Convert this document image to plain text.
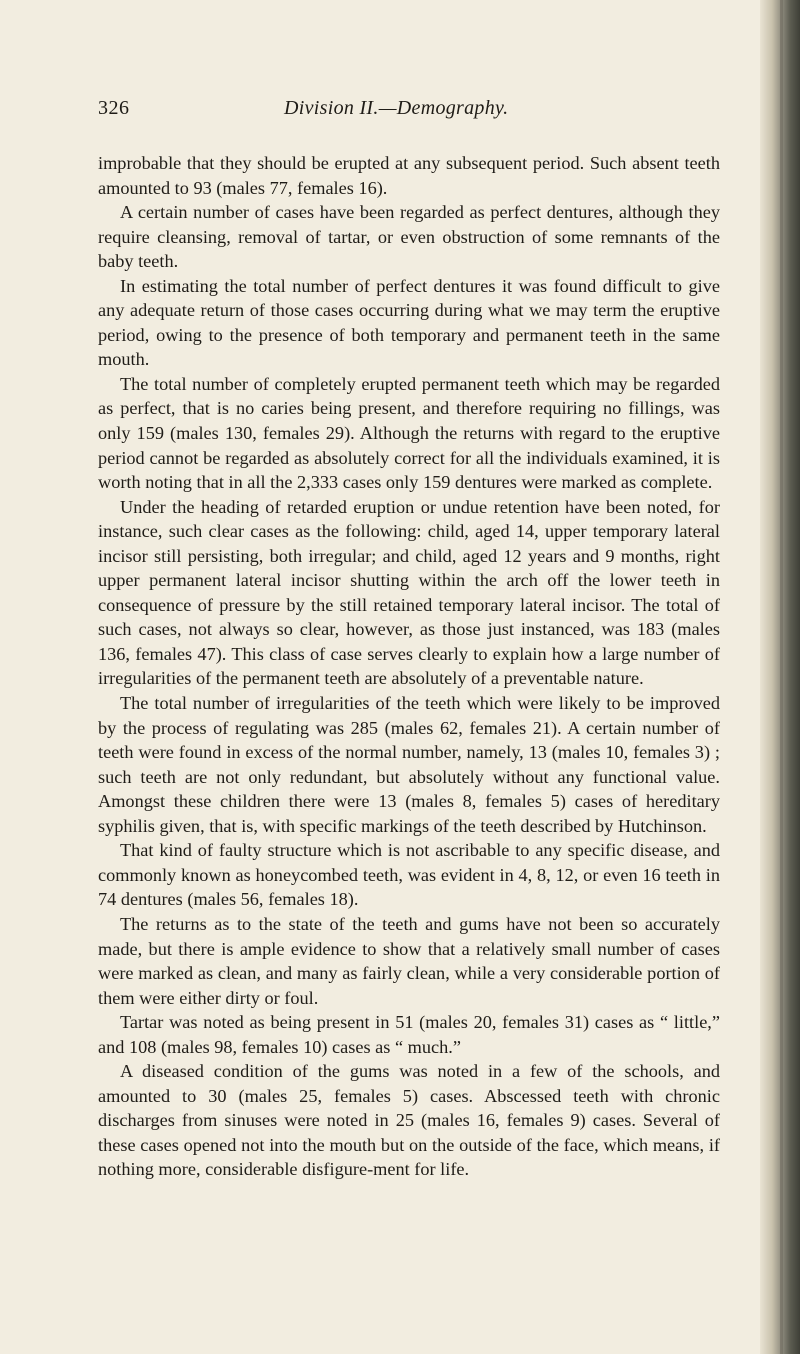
326	Division II.—Demography.

improbable that they should be erupted at any subsequent period. Such absent teeth amounted to 93 (males 77, females 16).

A certain number of cases have been regarded as perfect dentures, although they require cleansing, removal of tartar, or even obstruction of some remnants of the baby teeth.

In estimating the total number of perfect dentures it was found difficult to give any adequate return of those cases occurring during what we may term the eruptive period, owing to the presence of both temporary and permanent teeth in the same mouth.

The total number of completely erupted permanent teeth which may be regarded as perfect, that is no caries being present, and therefore requiring no fillings, was only 159 (males 130, females 29). Although the returns with regard to the eruptive period cannot be regarded as absolutely correct for all the individuals examined, it is worth noting that in all the 2,333 cases only 159 dentures were marked as complete.

Under the heading of retarded eruption or undue retention have been noted, for instance, such clear cases as the following: child, aged 14, upper temporary lateral incisor still persisting, both irregular; and child, aged 12 years and 9 months, right upper permanent lateral incisor shutting within the arch off the lower teeth in consequence of pressure by the still retained temporary lateral incisor. The total of such cases, not always so clear, however, as those just instanced, was 183 (males 136, females 47). This class of case serves clearly to explain how a large number of irregularities of the permanent teeth are absolutely of a preventable nature.

The total number of irregularities of the teeth which were likely to be improved by the process of regulating was 285 (males 62, females 21). A certain number of teeth were found in excess of the normal number, namely, 13 (males 10, females 3) ; such teeth are not only redundant, but absolutely without any functional value. Amongst these children there were 13 (males 8, females 5) cases of hereditary syphilis given, that is, with specific markings of the teeth described by Hutchinson.

That kind of faulty structure which is not ascribable to any specific disease, and commonly known as honeycombed teeth, was evident in 4, 8, 12, or even 16 teeth in 74 dentures (males 56, females 18).

The returns as to the state of the teeth and gums have not been so accurately made, but there is ample evidence to show that a relatively small number of cases were marked as clean, and many as fairly clean, while a very considerable portion of them were either dirty or foul.

Tartar was noted as being present in 51 (males 20, females 31) cases as “ little,” and 108 (males 98, females 10) cases as “ much.”

A diseased condition of the gums was noted in a few of the schools, and amounted to 30 (males 25, females 5) cases. Abscessed teeth with chronic discharges from sinuses were noted in 25 (males 16, females 9) cases. Several of these cases opened not into the mouth but on the outside of the face, which means, if nothing more, considerable disfigure-ment for life.
